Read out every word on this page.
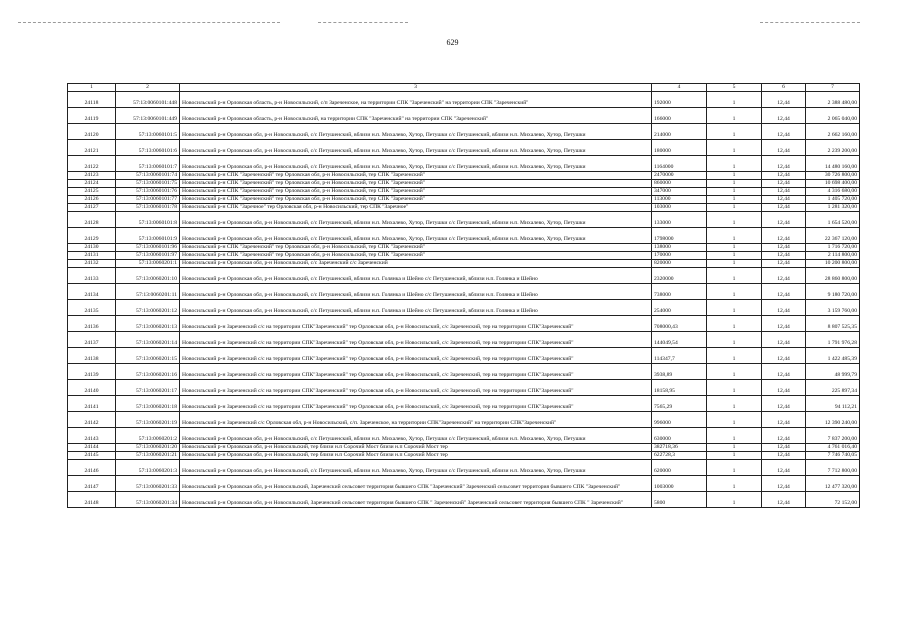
629
1	2	3	4	5	6	7
24118	57:13:0060101:448	Новосильский р-н Орловская область, р-н Новосильский, с/п Зареченское, на территории СПК "Зареченский" на территории СПК "Зареченский"	192000	1	12,44	2 388 480,00
24119	57:13:0060101:449	Новосильский р-н Орловская область, р-н Новосильский, на территории СПК "Зареченский" на территории СПК "Зареченский"	166000	1	12,44	2 065 040,00
24120	57:13:0060101:5	Новосильский р-н Орловская обл, р-н Новосильский, с/с Петушенский, вблизи н.п. Михалево, Хутор, Петушки с/с Петушенский, вблизи н.п. Михалево, Хутор, Петушки	214000	1	12,44	2 662 160,00
24121	57:13:0060101:6	Новосильский р-н Орловская обл, р-н Новосильский, с/с Петушенский, вблизи н.п. Михалево, Хутор, Петушки с/с Петушенский, вблизи н.п. Михалево, Хутор, Петушки	180000	1	12,44	2 239 200,00
24122	57:13:0060101:7	Новосильский р-н Орловская обл, р-н Новосильский, с/с Петушенский, вблизи н.п. Михалево, Хутор, Петушки с/с Петушенский, вблизи н.п. Михалево, Хутор, Петушки	1164000	1	12,44	14 480 160,00
24123	57:13:0060101:74	Новосильский р-н СПК "Зареченский" тер Орловская обл, р-н Новосильский, тер СПК "Зареченский"	2470000	1	12,44	30 726 800,00
24124	57:13:0060101:75	Новосильский р-н СПК "Зареченский" тер Орловская обл, р-н Новосильский, тер СПК "Зареченский"	860000	1	12,44	10 698 400,00
24125	57:13:0060101:76	Новосильский р-н СПК "Зареченский" тер Орловская обл, р-н Новосильский, тер СПК "Зареченский"	347000	1	12,44	4 316 680,00
24126	57:13:0060101:77	Новосильский р-н СПК "Зареченский" тер Орловская обл, р-н Новосильский, тер СПК "Зареченский"	113000	1	12,44	1 405 720,00
24127	57:13:0060101:78	Новосильский р-н СПК "Заречное" тер Орловская обл, р-н Новосильский, тер СПК "Заречное"	103000	1	12,44	1 281 320,00
24128	57:13:0060101:8	Новосильский р-н Орловская обл, р-н Новосильский, с/с Петушенский, вблизи н.п. Михалево, Хутор, Петушки с/с Петушенский, вблизи н.п. Михалево, Хутор, Петушки	133000	1	12,44	1 654 520,00
24129	57:13:0060101:9	Новосильский р-н Орловская обл, р-н Новосильский, с/с Петушенский, вблизи н.п. Михалево, Хутор, Петушки с/с Петушенский, вблизи н.п. Михалево, Хутор, Петушки	1798000	1	12,44	22 367 120,00
24130	57:13:0060101:96	Новосильский р-н СПК "Зареченский" тер Орловская обл, р-н Новосильский, тер СПК "Зареченский"	138000	1	12,44	1 716 720,00
24131	57:13:0060101:97	Новосильский р-н СПК "Зареченский" тер Орловская обл, р-н Новосильский, тер СПК "Зареченский"	170000	1	12,44	2 114 800,00
24132	57:13:0060201:1	Новосильский р-н Орловская обл, р-н Новосильский, с/с Зареченский с/с Зареченский	820000	1	12,44	10 200 800,00
24133	57:13:0060201:10	Новосильский р-н Орловская обл, р-н Новосильский, с/с Петушенский, вблизи н.п. Голянка и Шейно с/с Петушенский, вблизи н.п. Голянка и Шейно	2320000	1	12,44	28 860 800,00
24134	57:13:0060201:11	Новосильский р-н Орловская обл, р-н Новосильский, с/с Петушенский, вблизи н.п. Голянка и Шейно с/с Петушенский, вблизи н.п. Голянка и Шейно	738000	1	12,44	9 180 720,00
24135	57:13:0060201:12	Новосильский р-н Орловская обл, р-н Новосильский, с/с Петушенский, вблизи н.п. Голянка и Шейно с/с Петушенский, вблизи н.п. Голянка и Шейно	254000	1	12,44	3 159 760,00
24136	57:13:0060201:13	Новосильский р-н Зареченский с/с на территории СПК"Зареченский" тер Орловская обл, р-н Новосильский, с/с Зареченский, тер на территории СПК"Зареченский"	708000,43	1	12,44	8 807 525,35
24137	57:13:0060201:14	Новосильский р-н Зареченский с/с на территории СПК"Зареченский" тер Орловская обл, р-н Новосильский, с/с Зареченский, тер на территории СПК"Зареченский"	144049,54	1	12,44	1 791 976,28
24138	57:13:0060201:15	Новосильский р-н Зареченский с/с на территории СПК"Зареченский" тер Орловская обл, р-н Новосильский, с/с Зареченский, тер на территории СПК"Зареченский"	114347,7	1	12,44	1 422 485,39
24139	57:13:0060201:16	Новосильский р-н Зареченский с/с на территории СПК"Зареченский" тер Орловская обл, р-н Новосильский, с/с Зареченский, тер на территории СПК"Зареченский"	3938,89	1	12,44	48 999,79
24140	57:13:0060201:17	Новосильский р-н Зареченский с/с на территории СПК"Зареченский" тер Орловская обл, р-н Новосильский, с/с Зареченский, тер на территории СПК"Зареченский"	18158,95	1	12,44	225 897,34
24141	57:13:0060201:18	Новосильский р-н Зареченский с/с на территории СПК"Зареченский" тер Орловская обл, р-н Новосильский, с/с Зареченский, тер на территории СПК"Зареченский"	7565,29	1	12,44	94 112,21
24142	57:13:0060201:19	Новосильский р-н Зареченский с/с Орловская обл, р-н Новосильский, с/п. Зареченское, на территории СПК"Зареченский" на территории СПК"Зареченский"	996000	1	12,44	12 390 240,00
24143	57:13:0060201:2	Новосильский р-н Орловская обл, р-н Новосильский, с/с Петушенский, вблизи н.п. Михалево, Хутор, Петушки с/с Петушенский, вблизи н.п. Михалево, Хутор, Петушки	630000	1	12,44	7 837 200,00
24144	57:13:0060201:20	Новосильский р-н Орловская обл, р-н Новосильский, тер близи н.п Сорочий Мост близи н.п Сорочий Мост тер	382718,36	1	12,44	4 761 016,40
24145	57:13:0060201:21	Новосильский р-н Орловская обл, р-н Новосильский, тер близи н.п Сорочий Мост близи н.п Сорочий Мост тер	622728,3	1	12,44	7 746 740,05
24146	57:13:0060201:3	Новосильский р-н Орловская обл, р-н Новосильский, с/с Петушенский, вблизи н.п. Михалево, Хутор, Петушки с/с Петушенский, вблизи н.п. Михалево, Хутор, Петушки	620000	1	12,44	7 712 800,00
24147	57:13:0060201:33	Новосильский р-н Орловская обл, р-н Новосильский, Зареченский сельсовет территория бывшего СПК "Зареченский" Зареченский сельсовет территория бывшего СПК "Зареченский"	1003000	1	12,44	12 477 320,00
24148	57:13:0060201:34	Новосильский р-н Орловская обл, р-н Новосильский, Зареченский сельсовет территория бывшего СПК " Зареченский" Зареченский сельсовет территория бывшего СПК " Зареченский"	5800	1	12,44	72 152,00
